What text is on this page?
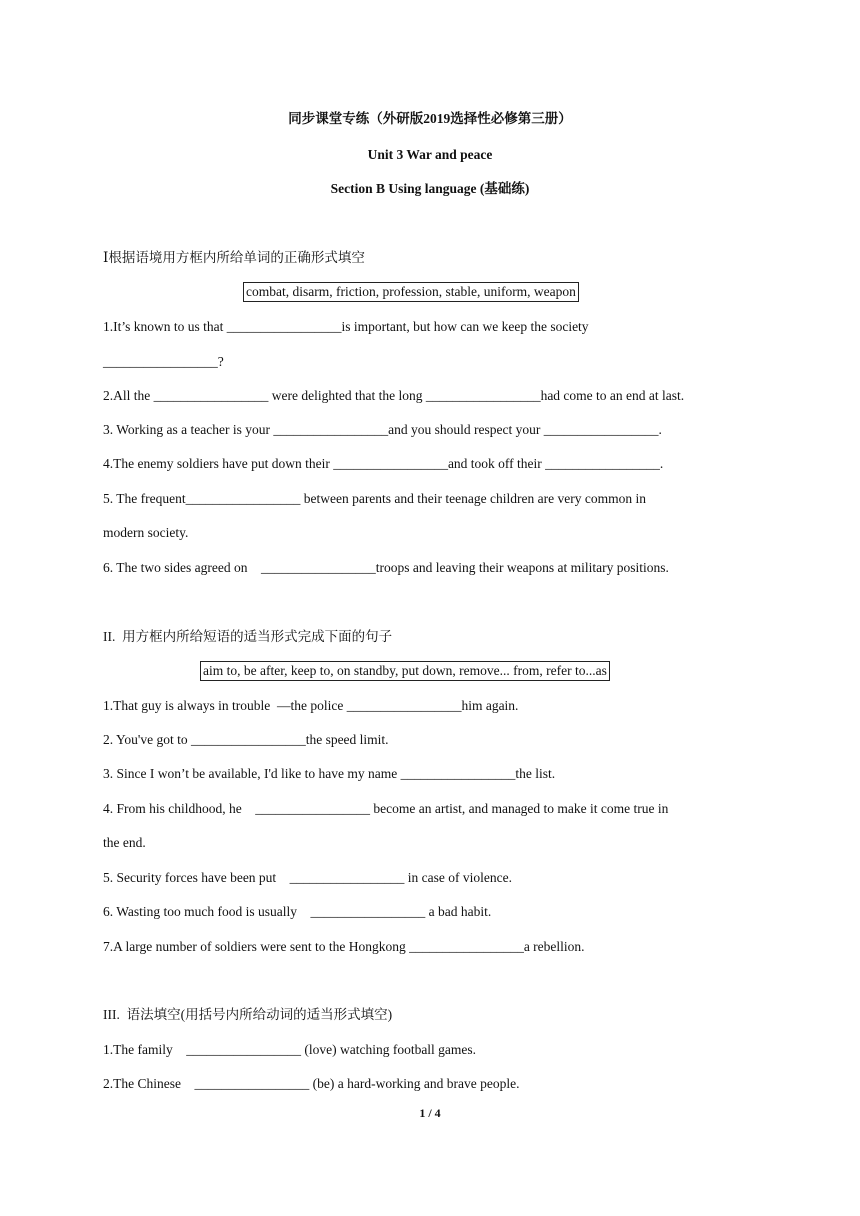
同步课堂专练（外研版2019选择性必修第三册）
Unit 3 War and peace
Section B Using language (基础练)
Ⅰ根据语境用方框内所给单词的正确形式填空
combat, disarm, friction, profession, stable, uniform, weapon
1.It’s known to us that _________________is important, but how can we keep the society
_________________?
2.All the _________________ were delighted that the long _________________had come to an end at last.
3. Working as a teacher is your _________________and you should respect your _________________.
4.The enemy soldiers have put down their _________________and took off their _________________.
5. The frequent_________________ between parents and their teenage children are very common in
modern society.
6. The two sides agreed on    _________________troops and leaving their weapons at military positions.
II.  用方框内所给短语的适当形式完成下面的句子
aim to, be after, keep to, on standby, put down, remove... from, refer to...as
1.That guy is always in trouble  —the police _________________him again.
2. You've got to _________________the speed limit.
3. Since I won’t be available, I'd like to have my name _________________the list.
4. From his childhood, he    _________________ become an artist, and managed to make it come true in
the end.
5. Security forces have been put    _________________ in case of violence.
6. Wasting too much food is usually    _________________ a bad habit.
7.A large number of soldiers were sent to the Hongkong _________________a rebellion.
III.  语法填空(用括号内所给动词的适当形式填空)
1.The family    _________________ (love) watching football games.
2.The Chinese    _________________ (be) a hard-working and brave people.
1 / 4
